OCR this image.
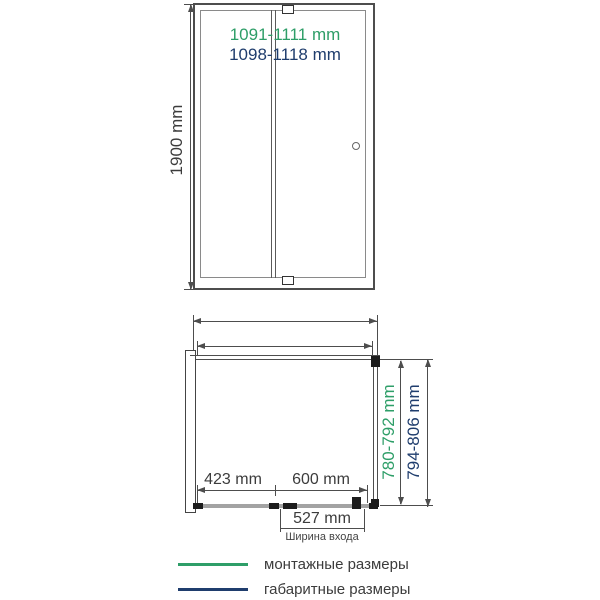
1900 mm
1098-1118 mm
1091-1111 mm
423 mm	600 mm
527 mm
Ширина входа
780-792 mm 794-806 mm
монтажные размеры
габаритные размеры
